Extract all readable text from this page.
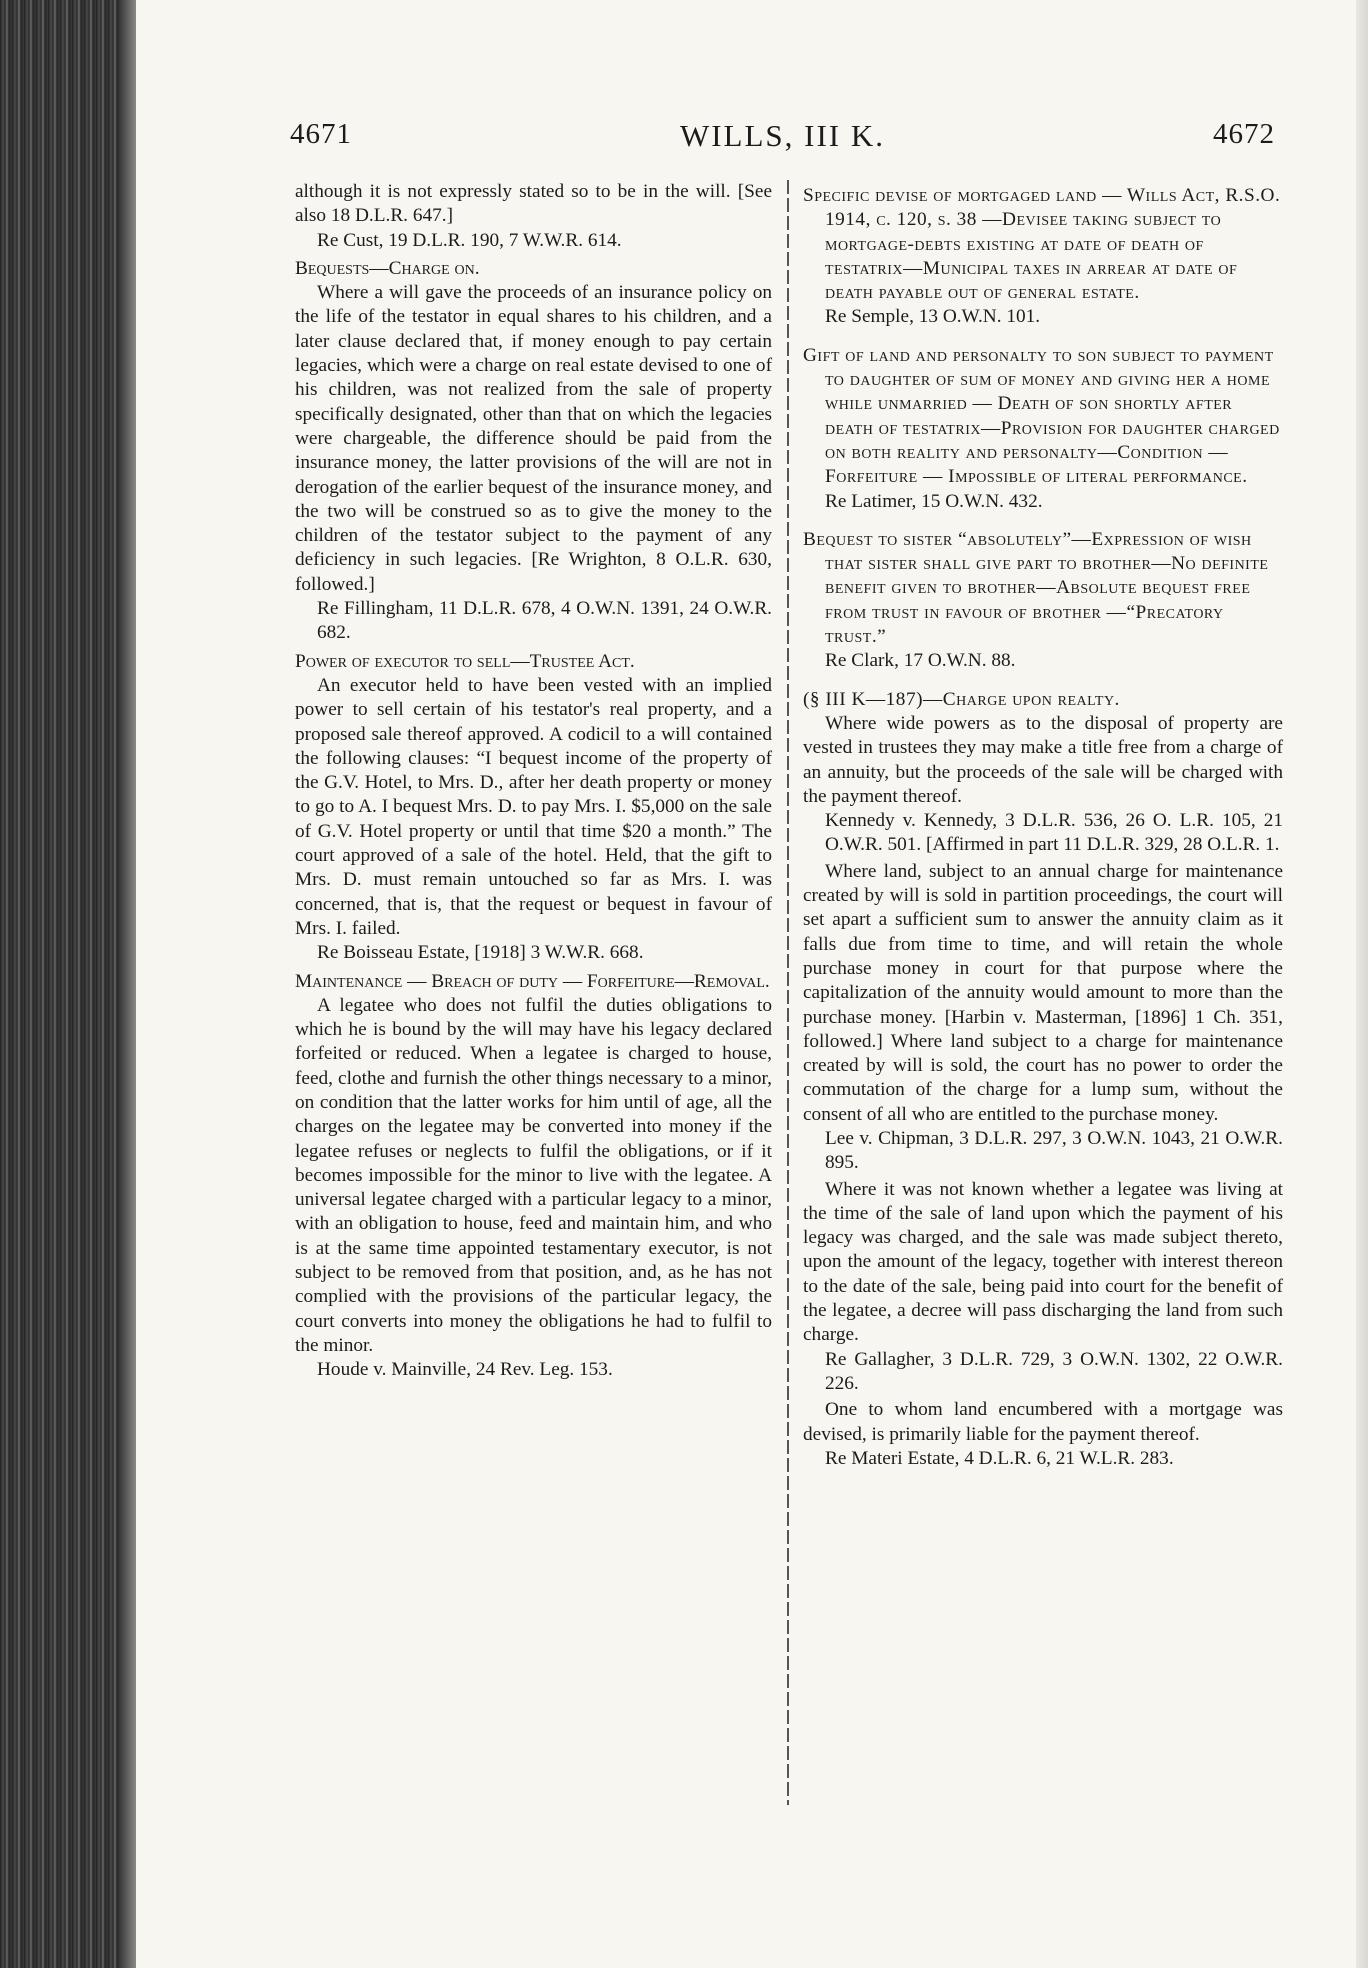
4671	WILLS, III K.	4672

although it is not expressly stated so to be in the will. [See also 18 D.L.R. 647.]

Re Cust, 19 D.L.R. 190, 7 W.W.R. 614.

Bequests—Charge on.

Where a will gave the proceeds of an insurance policy on the life of the testator in equal shares to his children, and a later clause declared that, if money enough to pay certain legacies, which were a charge on real estate devised to one of his children, was not realized from the sale of property specifically designated, other than that on which the legacies were chargeable, the difference should be paid from the insurance money, the latter provisions of the will are not in derogation of the earlier bequest of the insurance money, and the two will be construed so as to give the money to the children of the testator subject to the payment of any deficiency in such legacies. [Re Wrighton, 8 O.L.R. 630, followed.]

Re Fillingham, 11 D.L.R. 678, 4 O.W.N. 1391, 24 O.W.R. 682.

Power of executor to sell—Trustee Act.

An executor held to have been vested with an implied power to sell certain of his testator's real property, and a proposed sale thereof approved. A codicil to a will contained the following clauses: “I bequest income of the property of the G.V. Hotel, to Mrs. D., after her death property or money to go to A. I bequest Mrs. D. to pay Mrs. I. $5,000 on the sale of G.V. Hotel property or until that time $20 a month.” The court approved of a sale of the hotel. Held, that the gift to Mrs. D. must remain untouched so far as Mrs. I. was concerned, that is, that the request or bequest in favour of Mrs. I. failed.

Re Boisseau Estate, [1918] 3 W.W.R. 668.

Maintenance — Breach of duty — Forfeiture—Removal.

A legatee who does not fulfil the duties obligations to which he is bound by the will may have his legacy declared forfeited or reduced. When a legatee is charged to house, feed, clothe and furnish the other things necessary to a minor, on condition that the latter works for him until of age, all the charges on the legatee may be converted into money if the legatee refuses or neglects to fulfil the obligations, or if it becomes impossible for the minor to live with the legatee. A universal legatee charged with a particular legacy to a minor, with an obligation to house, feed and maintain him, and who is at the same time appointed testamentary executor, is not subject to be removed from that position, and, as he has not complied with the provisions of the particular legacy, the court converts into money the obligations he had to fulfil to the minor.

Houde v. Mainville, 24 Rev. Leg. 153.

Specific devise of mortgaged land — Wills Act, R.S.O. 1914, c. 120, s. 38 —Devisee taking subject to mortgage-debts existing at date of death of testatrix—Municipal taxes in arrear at date of death payable out of general estate.

Re Semple, 13 O.W.N. 101.

Gift of land and personalty to son subject to payment to daughter of sum of money and giving her a home while unmarried — Death of son shortly after death of testatrix—Provision for daughter charged on both reality and personalty—Condition — Forfeiture — Impossible of literal performance.

Re Latimer, 15 O.W.N. 432.

Bequest to sister “absolutely”—Expression of wish that sister shall give part to brother—No definite benefit given to brother—Absolute bequest free from trust in favour of brother —“Precatory trust.”

Re Clark, 17 O.W.N. 88.

(§ III K—187)—Charge upon realty.

Where wide powers as to the disposal of property are vested in trustees they may make a title free from a charge of an annuity, but the proceeds of the sale will be charged with the payment thereof.

Kennedy v. Kennedy, 3 D.L.R. 536, 26 O. L.R. 105, 21 O.W.R. 501. [Affirmed in part 11 D.L.R. 329, 28 O.L.R. 1.

Where land, subject to an annual charge for maintenance created by will is sold in partition proceedings, the court will set apart a sufficient sum to answer the annuity claim as it falls due from time to time, and will retain the whole purchase money in court for that purpose where the capitalization of the annuity would amount to more than the purchase money. [Harbin v. Masterman, [1896] 1 Ch. 351, followed.] Where land subject to a charge for maintenance created by will is sold, the court has no power to order the commutation of the charge for a lump sum, without the consent of all who are entitled to the purchase money.

Lee v. Chipman, 3 D.L.R. 297, 3 O.W.N. 1043, 21 O.W.R. 895.

Where it was not known whether a legatee was living at the time of the sale of land upon which the payment of his legacy was charged, and the sale was made subject thereto, upon the amount of the legacy, together with interest thereon to the date of the sale, being paid into court for the benefit of the legatee, a decree will pass discharging the land from such charge.

Re Gallagher, 3 D.L.R. 729, 3 O.W.N. 1302, 22 O.W.R. 226.

One to whom land encumbered with a mortgage was devised, is primarily liable for the payment thereof.

Re Materi Estate, 4 D.L.R. 6, 21 W.L.R. 283.
